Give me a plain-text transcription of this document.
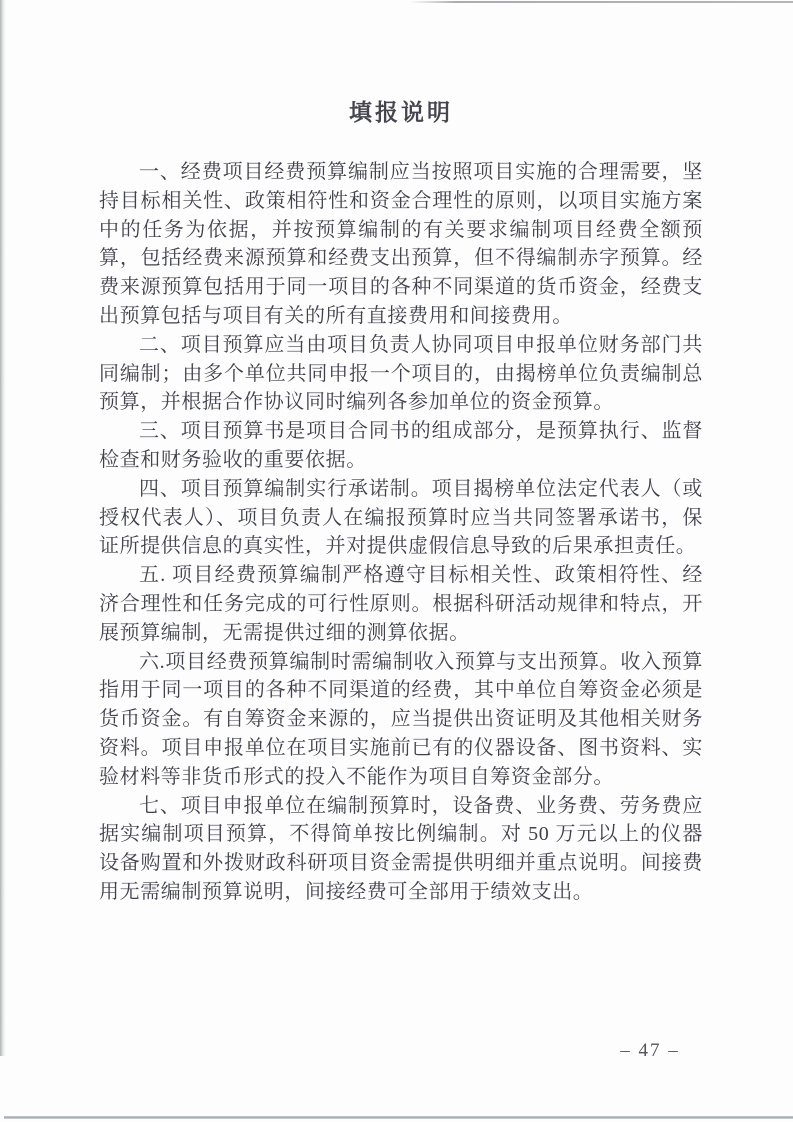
填报说明

一、经费项目经费预算编制应当按照项目实施的合理需要，坚持目标相关性、政策相符性和资金合理性的原则，以项目实施方案中的任务为依据，并按预算编制的有关要求编制项目经费全额预算，包括经费来源预算和经费支出预算，但不得编制赤字预算。经费来源预算包括用于同一项目的各种不同渠道的货币资金，经费支出预算包括与项目有关的所有直接费用和间接费用。

二、项目预算应当由项目负责人协同项目申报单位财务部门共同编制；由多个单位共同申报一个项目的，由揭榜单位负责编制总预算，并根据合作协议同时编列各参加单位的资金预算。

三、项目预算书是项目合同书的组成部分，是预算执行、监督检查和财务验收的重要依据。

四、项目预算编制实行承诺制。项目揭榜单位法定代表人（或授权代表人）、项目负责人在编报预算时应当共同签署承诺书，保证所提供信息的真实性，并对提供虚假信息导致的后果承担责任。

五. 项目经费预算编制严格遵守目标相关性、政策相符性、经济合理性和任务完成的可行性原则。根据科研活动规律和特点，开展预算编制，无需提供过细的测算依据。

六.项目经费预算编制时需编制收入预算与支出预算。收入预算指用于同一项目的各种不同渠道的经费，其中单位自筹资金必须是货币资金。有自筹资金来源的，应当提供出资证明及其他相关财务资料。项目申报单位在项目实施前已有的仪器设备、图书资料、实验材料等非货币形式的投入不能作为项目自筹资金部分。

七、项目申报单位在编制预算时，设备费、业务费、劳务费应据实编制项目预算，不得简单按比例编制。对 50 万元以上的仪器设备购置和外拨财政科研项目资金需提供明细并重点说明。间接费用无需编制预算说明，间接经费可全部用于绩效支出。

– 47 –
